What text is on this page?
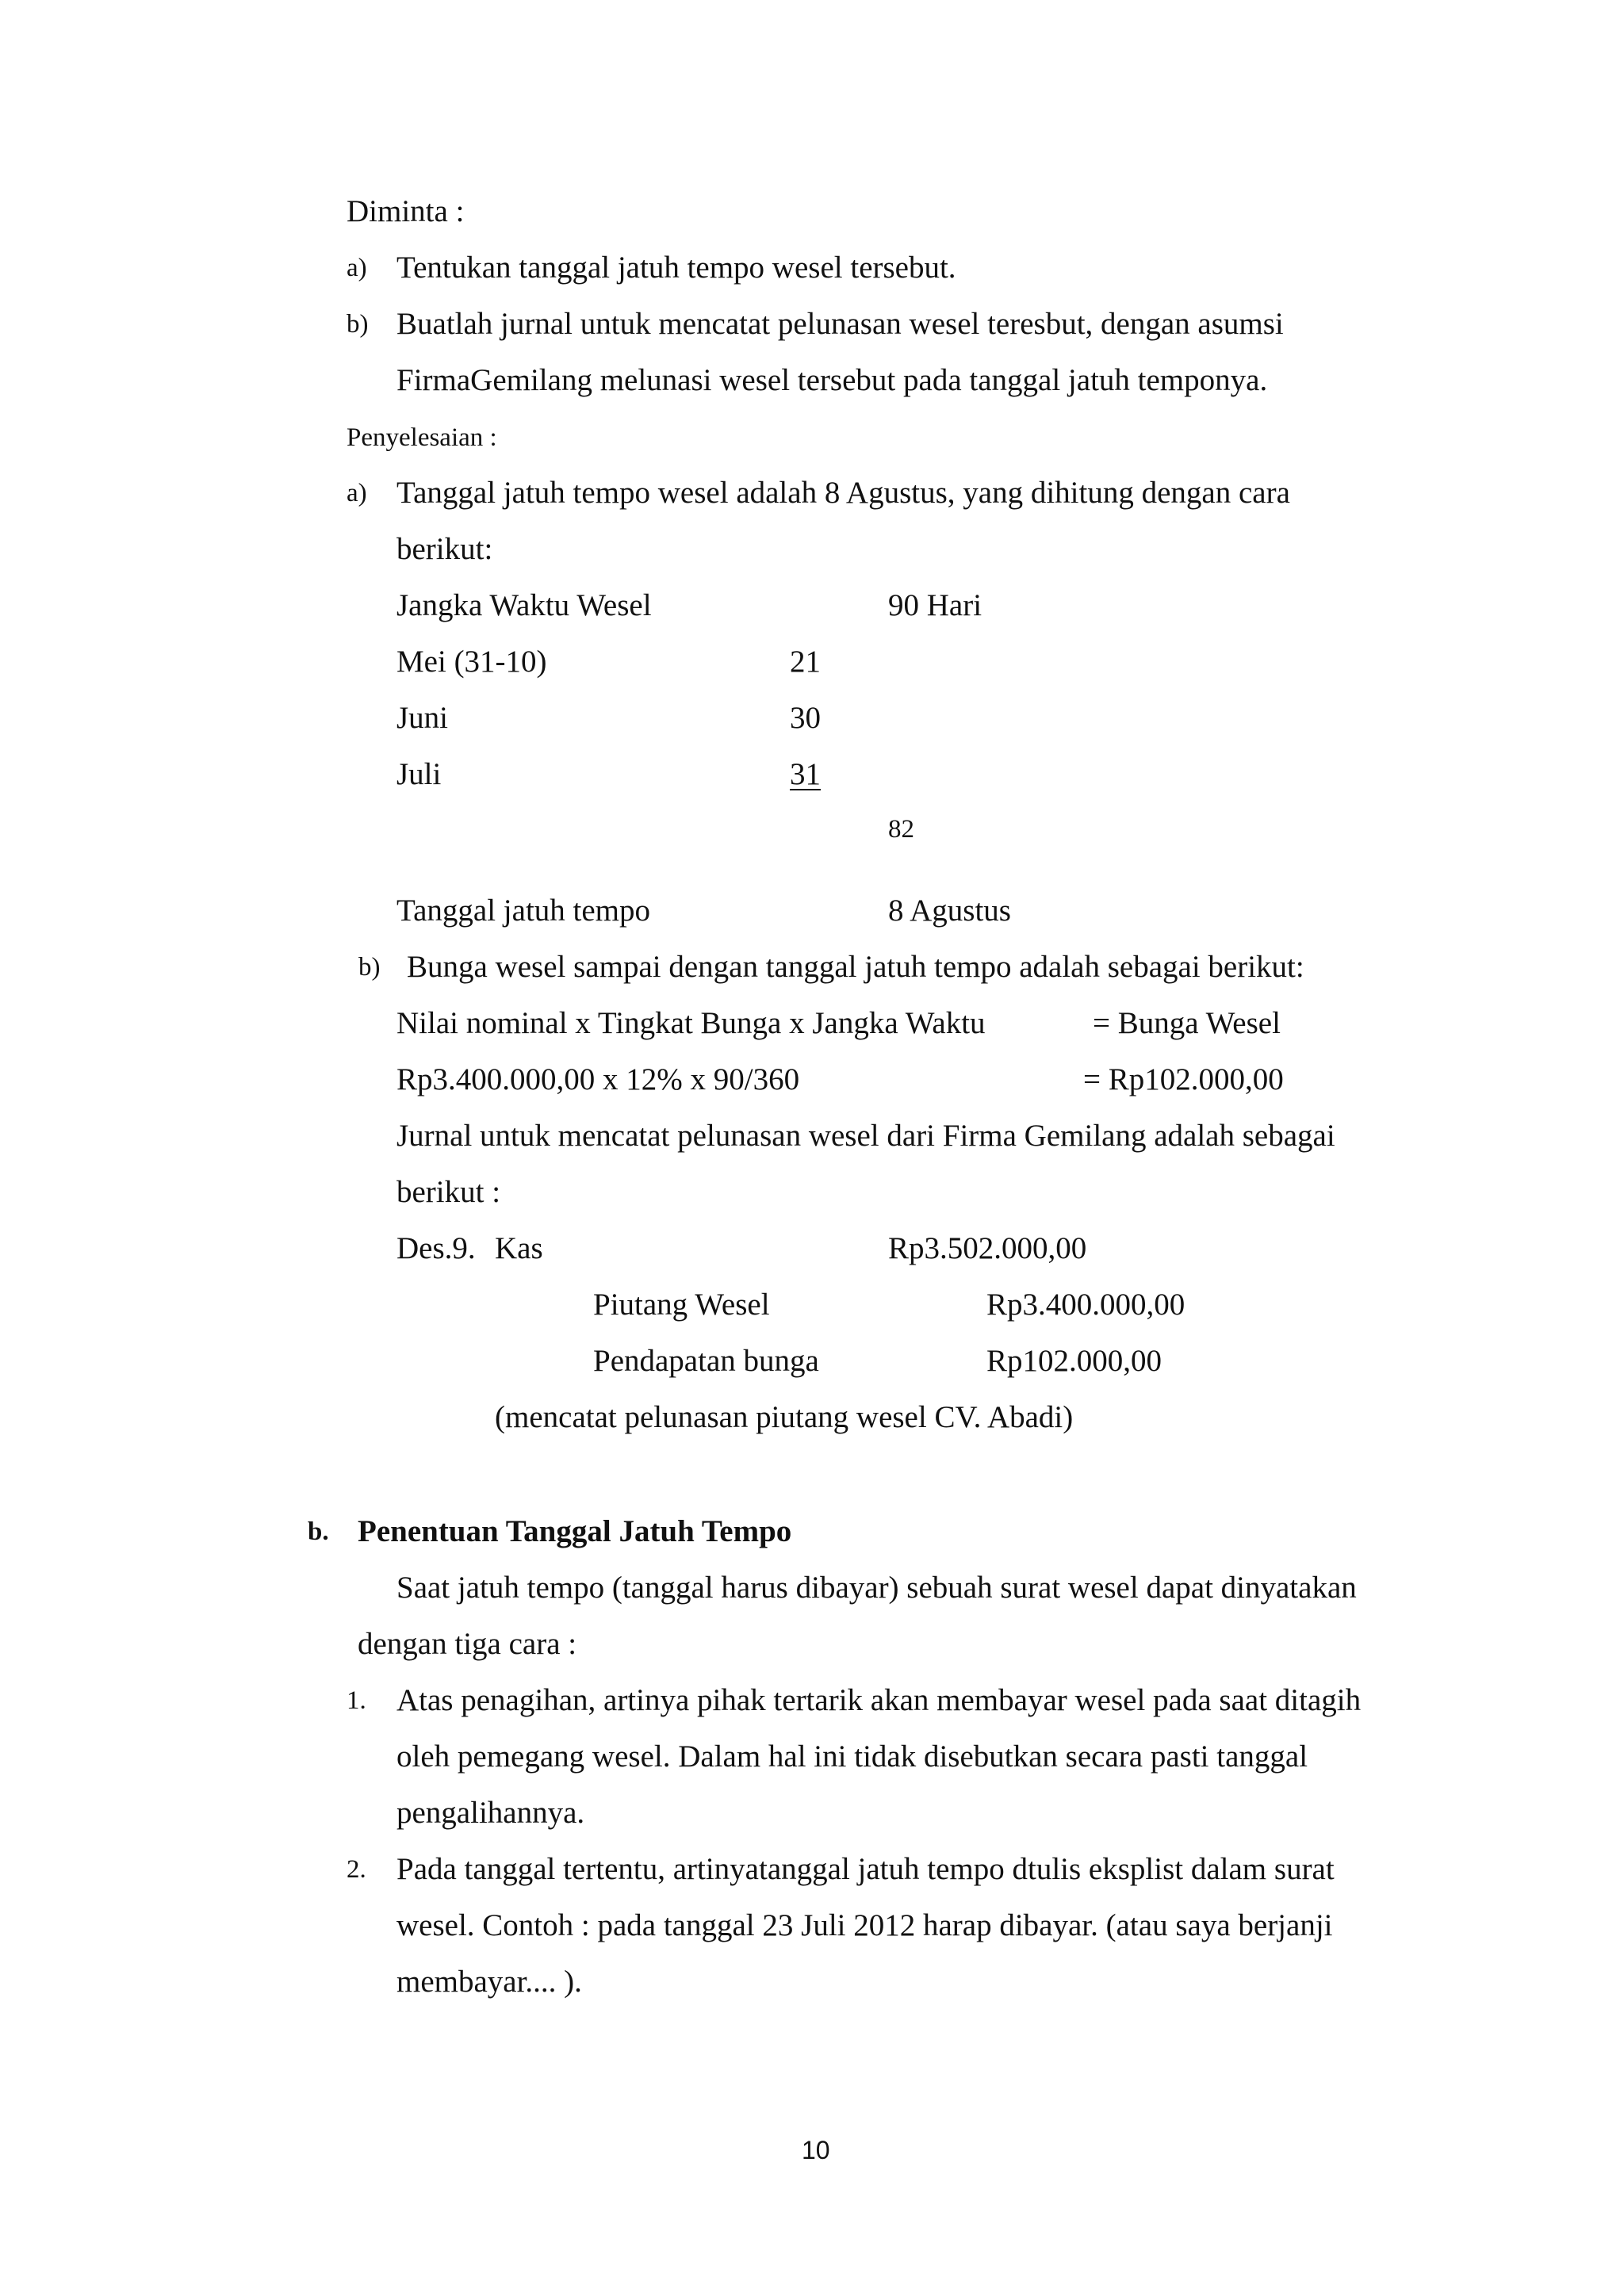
Diminta :
a) Tentukan tanggal jatuh tempo wesel tersebut.
b) Buatlah jurnal untuk mencatat pelunasan wesel teresbut, dengan asumsi
FirmaGemilang melunasi wesel tersebut pada tanggal jatuh temponya.
Penyelesaian :
a) Tanggal jatuh tempo wesel adalah 8 Agustus, yang dihitung dengan cara
berikut:
Jangka Waktu Wesel	90 Hari
Mei (31-10)	21
Juni	30
Juli	31
82
Tanggal jatuh tempo	8 Agustus
b) Bunga wesel sampai dengan tanggal jatuh tempo adalah sebagai berikut:
Nilai nominal x Tingkat Bunga x Jangka Waktu	= Bunga Wesel
Rp3.400.000,00 x 12% x 90/360	= Rp102.000,00
Jurnal untuk mencatat pelunasan wesel dari Firma Gemilang adalah sebagai
berikut :
Des.9. Kas	Rp3.502.000,00
Piutang Wesel	Rp3.400.000,00
Pendapatan bunga	Rp102.000,00
(mencatat pelunasan piutang wesel CV. Abadi)
b. Penentuan Tanggal Jatuh Tempo
Saat jatuh tempo (tanggal harus dibayar) sebuah surat wesel dapat dinyatakan
dengan tiga cara :
1. Atas penagihan, artinya pihak tertarik akan membayar wesel pada saat ditagih
oleh pemegang wesel. Dalam hal ini tidak disebutkan secara pasti tanggal
pengalihannya.
2. Pada tanggal tertentu, artinyatanggal jatuh tempo dtulis eksplist dalam surat
wesel. Contoh : pada tanggal 23 Juli 2012 harap dibayar. (atau saya berjanji
membayar.... ).
10
